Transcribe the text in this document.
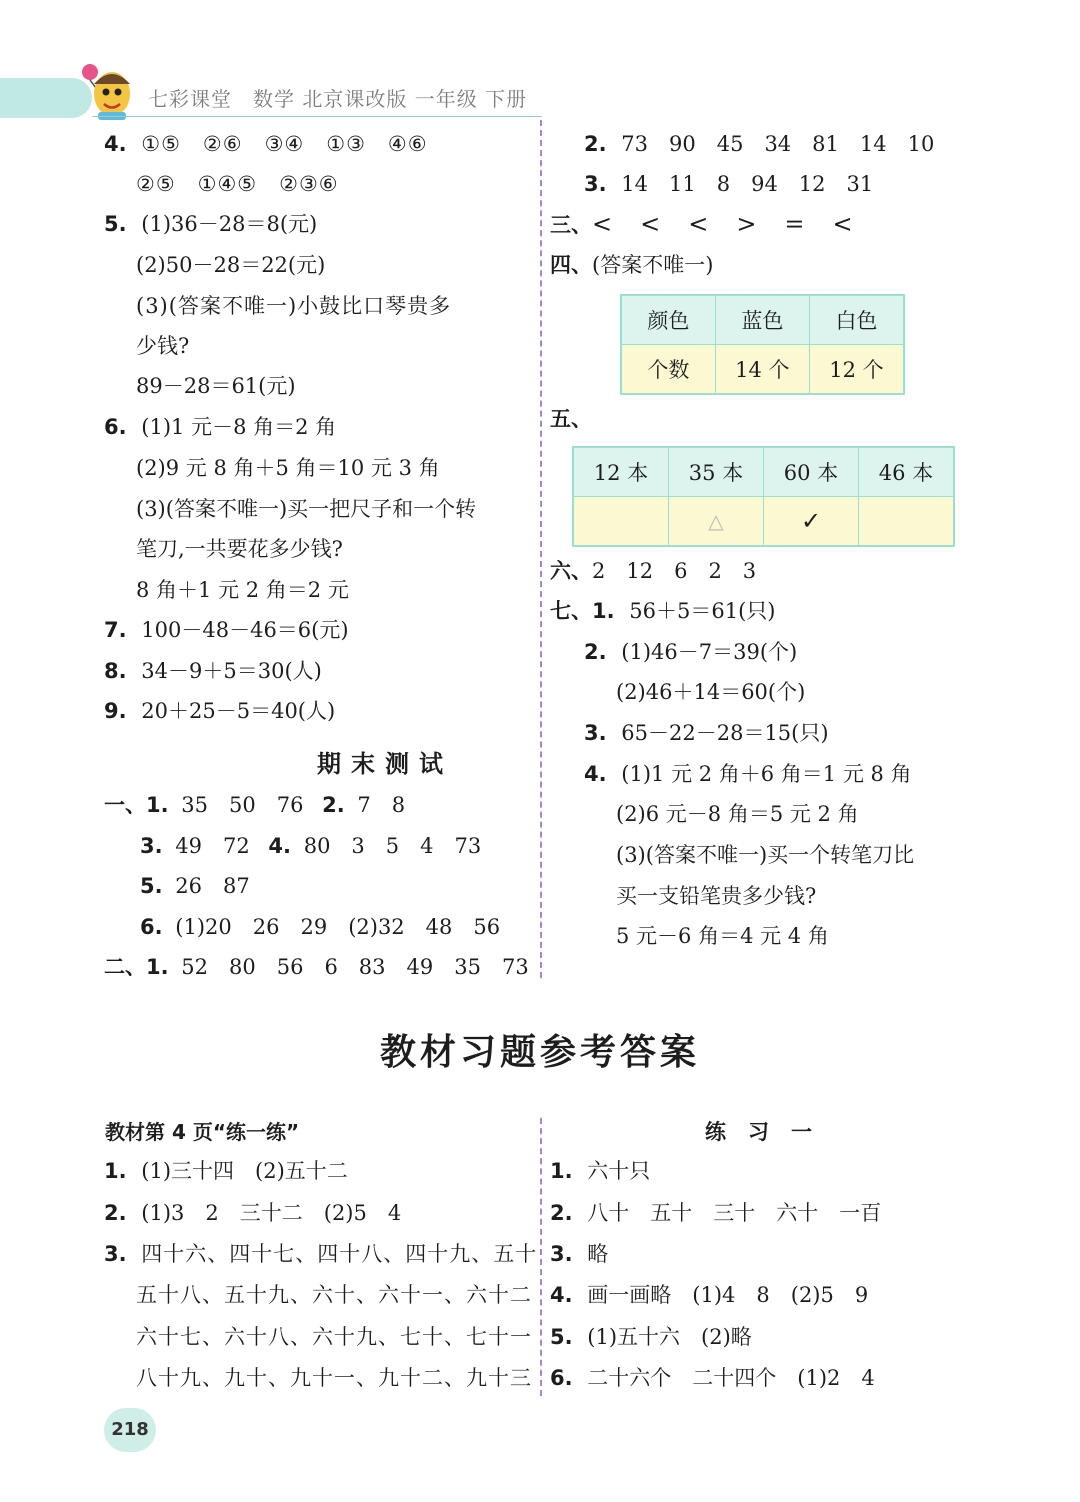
七彩课堂　数学 北京课改版 一年级 下册
4. ①⑤　②⑥　③④　①③　④⑥
②⑤　①④⑤　②③⑥
5. (1)36－28＝8(元)
(2)50－28＝22(元)
(3)(答案不唯一)小鼓比口琴贵多
少钱?
89－28＝61(元)
6. (1)1 元－8 角＝2 角
(2)9 元 8 角＋5 角＝10 元 3 角
(3)(答案不唯一)买一把尺子和一个转
笔刀,一共要花多少钱?
8 角＋1 元 2 角＝2 元
7. 100－48－46＝6(元)
8. 34－9＋5＝30(人)
9. 20＋25－5＝40(人)
期末测试
一、1. 35　50　76 2. 7　8
3. 49　72 4. 80　3　5　4　73
5. 26　87
6. (1)20　26　29　(2)32　48　56
二、1. 52　80　56　6　83　49　35　73
2. 73　90　45　34　81　14　10
3. 14　11　8　94　12　31
三、<　<　<　>　=　<
四、(答案不唯一)
颜色	蓝色	白色
个数	14 个	12 个
五、
12 本	35 本	60 本	46 本
	△	✓	
六、2　12　6　2　3
七、1. 56＋5＝61(只)
2. (1)46－7＝39(个)
(2)46＋14＝60(个)
3. 65－22－28＝15(只)
4. (1)1 元 2 角＋6 角＝1 元 8 角
(2)6 元－8 角＝5 元 2 角
(3)(答案不唯一)买一个转笔刀比
买一支铅笔贵多少钱?
5 元－6 角＝4 元 4 角
教材习题参考答案
教材第 4 页“练一练”
1. (1)三十四　(2)五十二
2. (1)3　2　三十二　(2)5　4
3. 四十六、四十七、四十八、四十九、五十
五十八、五十九、六十、六十一、六十二
六十七、六十八、六十九、七十、七十一
八十九、九十、九十一、九十二、九十三
练习一
1. 六十只
2. 八十　五十　三十　六十　一百
3. 略
4. 画一画略　(1)4　8　(2)5　9
5. (1)五十六　(2)略
6. 二十六个　二十四个　(1)2　4
218
